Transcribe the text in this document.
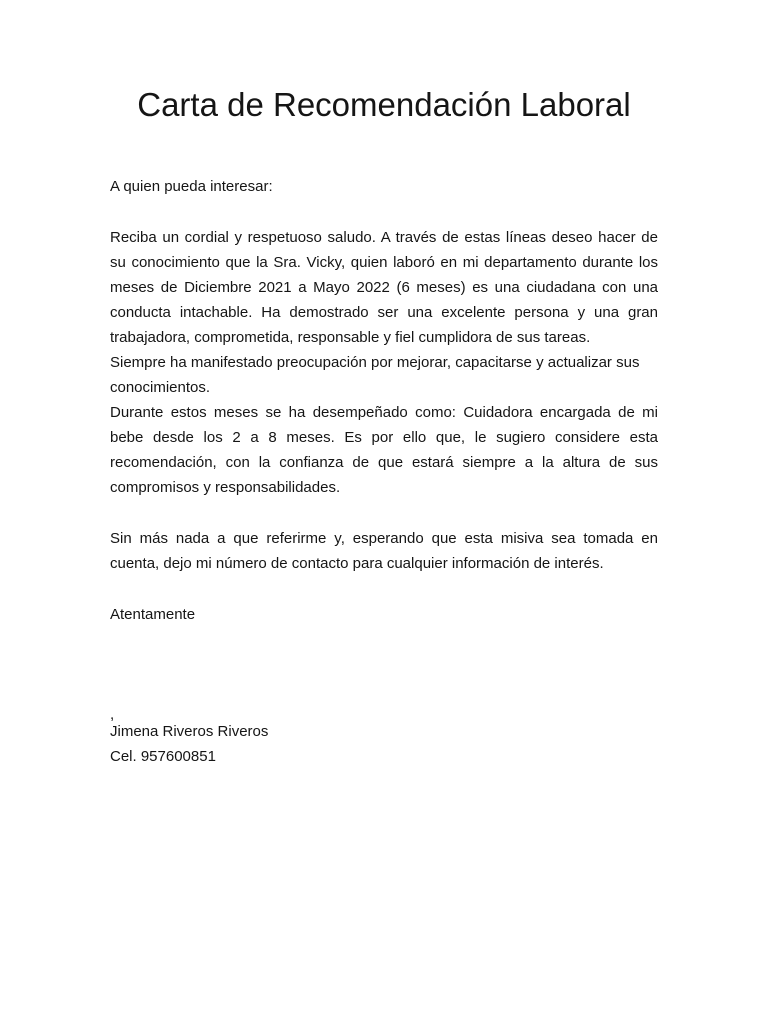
Carta de Recomendación Laboral

A quien pueda interesar:

Reciba un cordial y respetuoso saludo. A través de estas líneas deseo hacer de su conocimiento que la Sra. Vicky, quien laboró en mi departamento durante los meses de Diciembre 2021 a Mayo 2022 (6 meses) es una ciudadana con una conducta intachable. Ha demostrado ser una excelente persona y una gran trabajadora, comprometida, responsable y fiel cumplidora de sus tareas.

Siempre ha manifestado preocupación por mejorar, capacitarse y actualizar sus conocimientos.

Durante estos meses se ha desempeñado como: Cuidadora encargada de mi bebe desde los 2 a 8 meses. Es por ello que, le sugiero considere esta recomendación, con la confianza de que estará siempre a la altura de sus compromisos y responsabilidades.

Sin más nada a que referirme y, esperando que esta misiva sea tomada en cuenta, dejo mi número de contacto para cualquier información de interés.

Atentamente

,

Jimena Riveros Riveros

Cel. 957600851
